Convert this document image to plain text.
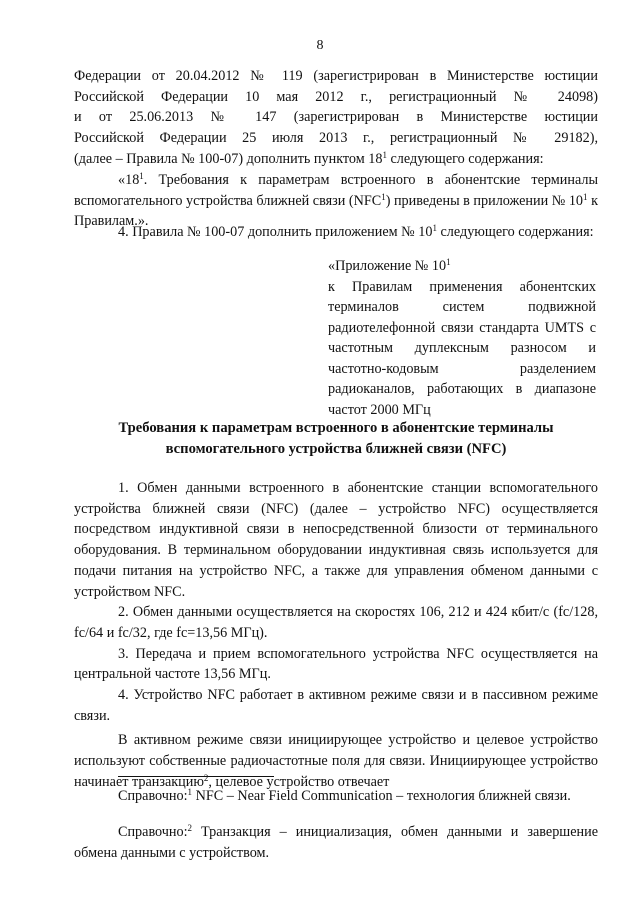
8
Федерации от 20.04.2012 № 119 (зарегистрирован в Министерстве юстиции
Российской Федерации 10 мая 2012 г., регистрационный № 24098)
и от 25.06.2013 № 147 (зарегистрирован в Министерстве юстиции
Российской Федерации 25 июля 2013 г., регистрационный № 29182),
(далее – Правила № 100-07) дополнить пунктом $18^1$ следующего содержания:
«$18^1$. Требования к параметрам встроенного в абонентские терминалы вспомогательного устройства ближней связи (NFC$^1$) приведены в приложении № $10^1$ к Правилам.».
4. Правила № 100-07 дополнить приложением № $10^1$ следующего содержания:
«Приложение № $10^1$
к Правилам применения абонентских терминалов систем подвижной радиотелефонной связи стандарта UMTS с частотным дуплексным разносом и частотно-кодовым разделением радиоканалов, работающих в диапазоне частот 2000 МГц
Требования к параметрам встроенного в абонентские терминалы вспомогательного устройства ближней связи (NFC)
1. Обмен данными встроенного в абонентские станции вспомогательного устройства ближней связи (NFC) (далее – устройство NFC) осуществляется посредством индуктивной связи в непосредственной близости от терминального оборудования. В терминальном оборудовании индуктивная связь используется для подачи питания на устройство NFC, а также для управления обменом данными с устройством NFC.
2. Обмен данными осуществляется на скоростях 106, 212 и 424 кбит/с (fc/128, fc/64 и fc/32, где fc=13,56 МГц).
3. Передача и прием вспомогательного устройства NFC осуществляется на центральной частоте 13,56 МГц.
4. Устройство NFC работает в активном режиме связи и в пассивном режиме связи.
В активном режиме связи инициирующее устройство и целевое устройство используют собственные радиочастотные поля для связи. Инициирующее устройство начинает транзакцию$^2$, целевое устройство отвечает
Справочно:$^1$ NFC – Near Field Communication – технология ближней связи.
Справочно:$^2$ Транзакция – инициализация, обмен данными и завершение обмена данными с устройством.
